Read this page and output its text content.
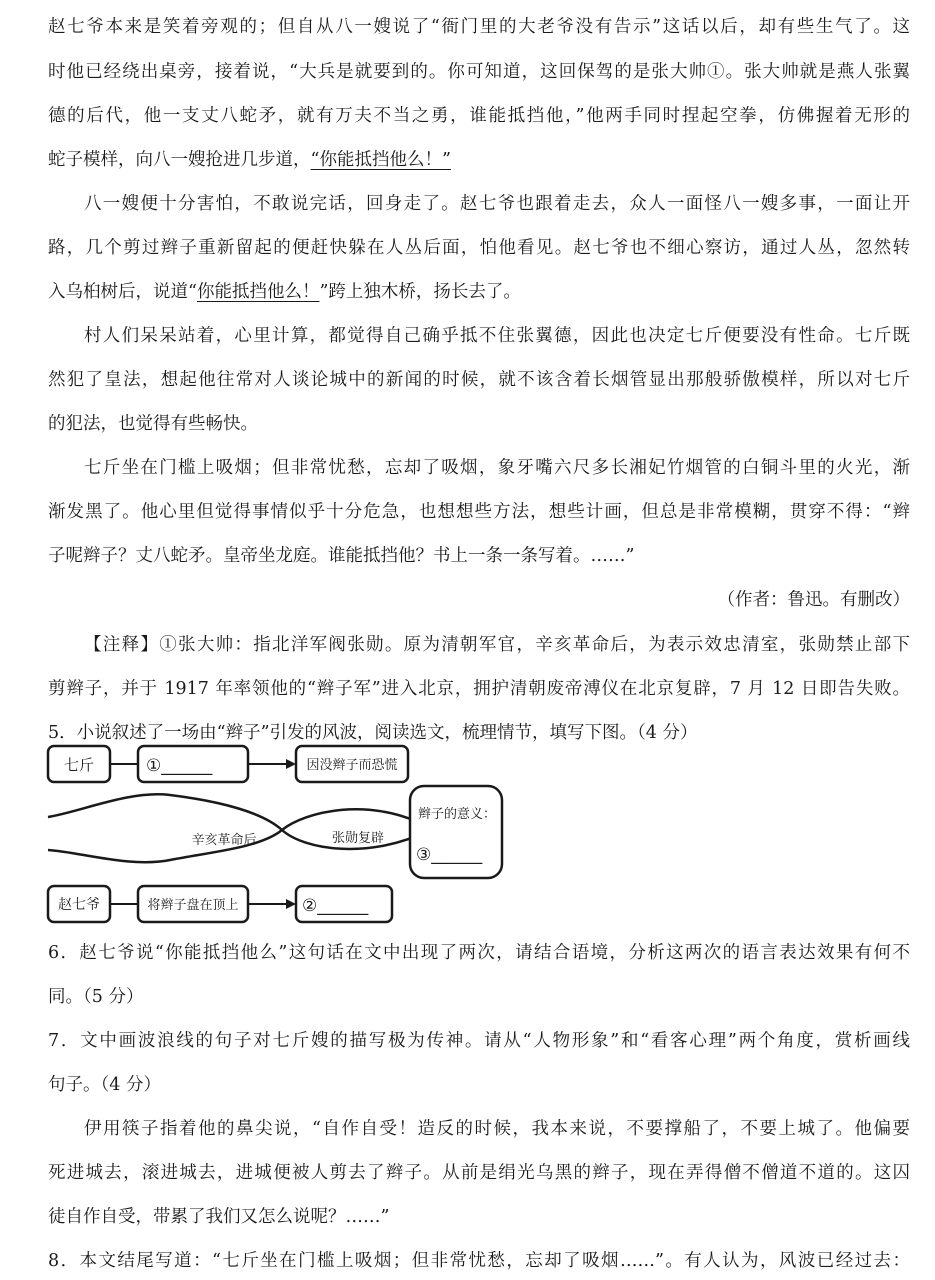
赵七爷本来是笑着旁观的；但自从八一嫂说了“衙门里的大老爷没有告示”这话以后，却有些生气了。这
时他已经绕出桌旁，接着说，“大兵是就要到的。你可知道，这回保驾的是张大帅①。张大帅就是燕人张翼
德的后代，他一支丈八蛇矛，就有万夫不当之勇，谁能抵挡他，”他两手同时捏起空拳，仿佛握着无形的
蛇子模样，向八一嫂抢进几步道，“你能抵挡他么！”
八一嫂便十分害怕，不敢说完话，回身走了。赵七爷也跟着走去，众人一面怪八一嫂多事，一面让开
路，几个剪过辫子重新留起的便赶快躲在人丛后面，怕他看见。赵七爷也不细心察访，通过人丛，忽然转
入乌桕树后，说道“你能抵挡他么！”跨上独木桥，扬长去了。
村人们呆呆站着，心里计算，都觉得自己确乎抵不住张翼德，因此也决定七斤便要没有性命。七斤既
然犯了皇法，想起他往常对人谈论城中的新闻的时候，就不该含着长烟管显出那般骄傲模样，所以对七斤
的犯法，也觉得有些畅快。
七斤坐在门槛上吸烟；但非常忧愁，忘却了吸烟，象牙嘴六尺多长湘妃竹烟管的白铜斗里的火光，渐
渐发黑了。他心里但觉得事情似乎十分危急，也想想些方法，想些计画，但总是非常模糊，贯穿不得：“辫
子呢辫子？丈八蛇矛。皇帝坐龙庭。谁能抵挡他？书上一条一条写着。……”
（作者：鲁迅。有删改）
【注释】①张大帅：指北洋军阀张勋。原为清朝军官，辛亥革命后，为表示效忠清室，张勋禁止部下
剪辫子，并于 1917 年率领他的“辫子军”进入北京，拥护清朝废帝溥仪在北京复辟，7 月 12 日即告失败。
5．小说叙述了一场由“辫子”引发的风波，阅读选文，梳理情节，填写下图。（4 分）
七斤	①______	因没辫子而恐慌
辛亥革命后	张勋复辟
辫子的意义：
③______
赵七爷	将辫子盘在顶上	②______
6．赵七爷说“你能抵挡他么”这句话在文中出现了两次，请结合语境，分析这两次的语言表达效果有何不
同。（5 分）
7．文中画波浪线的句子对七斤嫂的描写极为传神。请从“人物形象”和“看客心理”两个角度，赏析画线
句子。（4 分）
伊用筷子指着他的鼻尖说，“自作自受！造反的时候，我本来说，不要撑船了，不要上城了。他偏要
死进城去，滚进城去，进城便被人剪去了辫子。从前是绢光乌黑的辫子，现在弄得僧不僧道不道的。这囚
徒自作自受，带累了我们又怎么说呢？……”
8．本文结尾写道：“七斤坐在门槛上吸烟；但非常忧愁，忘却了吸烟……”。有人认为，风波已经过去：
